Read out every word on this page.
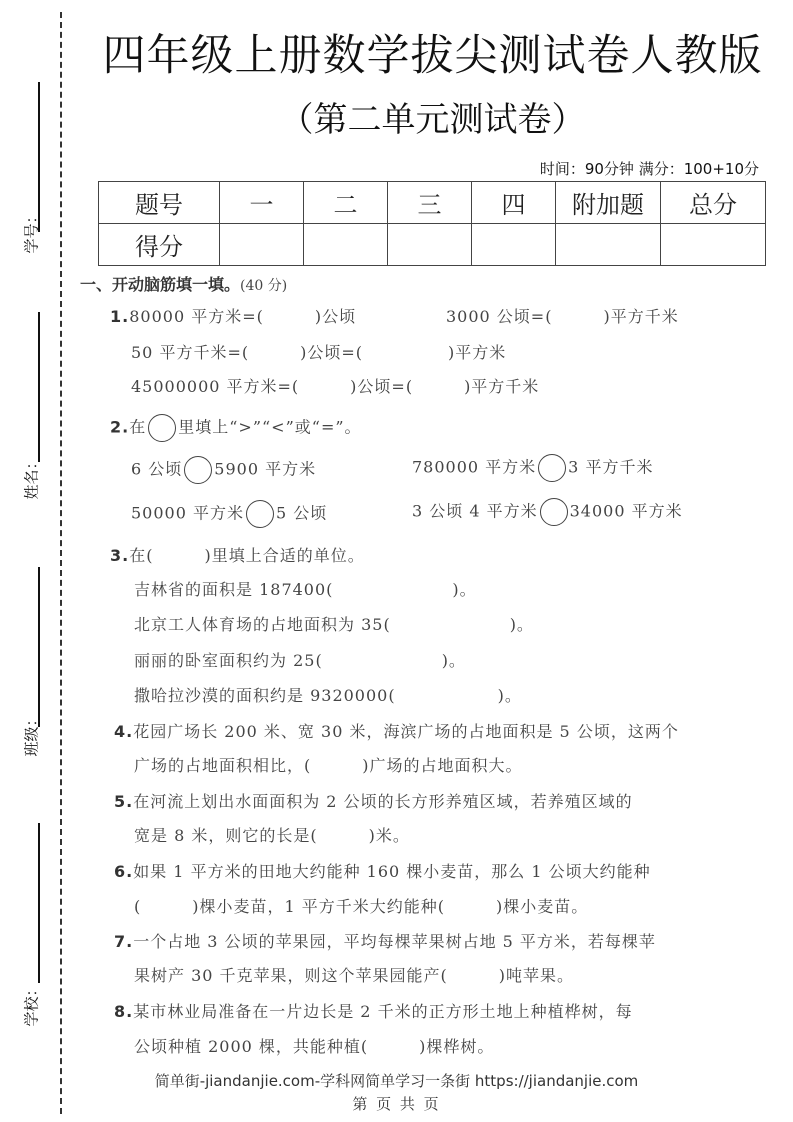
学号：
姓名：
班级：
学校：
四年级上册数学拔尖测试卷人教版
（第二单元测试卷）
时间：90分钟 满分：100+10分
题号	一	二	三	四	附加题	总分
得分						
一、开动脑筋填一填。(40 分)
1.80000 平方米=(　　　)公顷	3000 公顷=(　　　)平方千米
50 平方千米=(　　　)公顷=(　　　　　)平方米
45000000 平方米=(　　　)公顷=(　　　)平方千米
2.在 里填上“>”“<”或“=”。
6 公顷 5900 平方米	780000 平方米 3 平方千米
50000 平方米 5 公顷	3 公顷 4 平方米 34000 平方米
3.在(　　　)里填上合适的单位。
吉林省的面积是 187400(　　　　　　　)。
北京工人体育场的占地面积为 35(　　　　　　　)。
丽丽的卧室面积约为 25(　　　　　　　)。
撒哈拉沙漠的面积约是 9320000(　　　　　　)。
4.花园广场长 200 米、宽 30 米，海滨广场的占地面积是 5 公顷，这两个
广场的占地面积相比，(　　　)广场的占地面积大。
5.在河流上划出水面面积为 2 公顷的长方形养殖区域，若养殖区域的
宽是 8 米，则它的长是(　　　)米。
6.如果 1 平方米的田地大约能种 160 棵小麦苗，那么 1 公顷大约能种
(　　　)棵小麦苗，1 平方千米大约能种(　　　)棵小麦苗。
7.一个占地 3 公顷的苹果园，平均每棵苹果树占地 5 平方米，若每棵苹
果树产 30 千克苹果，则这个苹果园能产(　　　)吨苹果。
8.某市林业局准备在一片边长是 2 千米的正方形土地上种植桦树，每
公顷种植 2000 棵，共能种植(　　　)棵桦树。
简单街-jiandanjie.com-学科网简单学习一条街 https://jiandanjie.com
第 页 共 页
